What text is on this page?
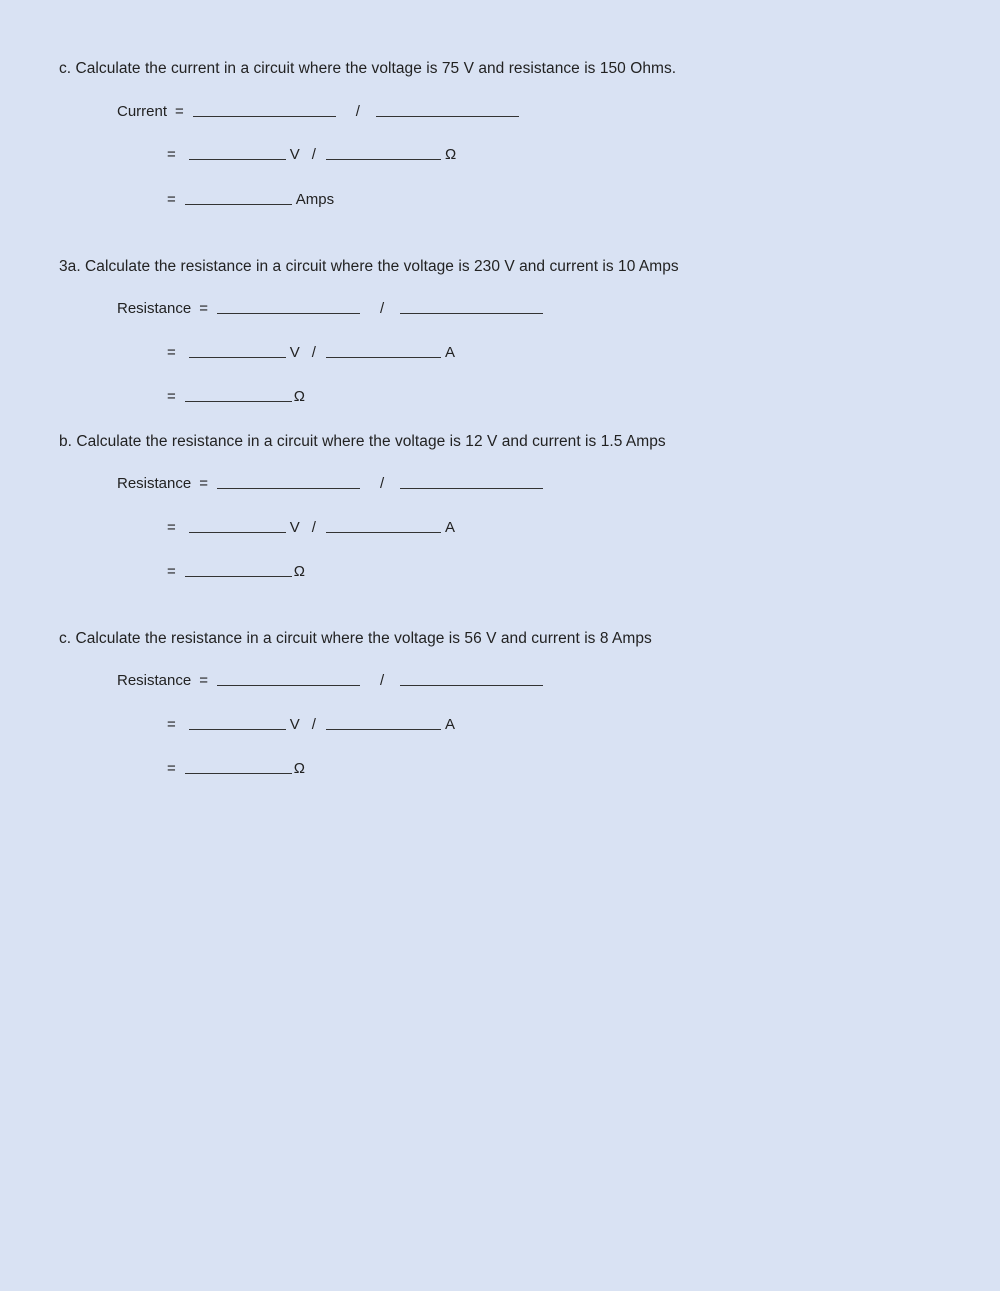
c. Calculate the current in a circuit where the voltage is 75 V and resistance is 150 Ohms.
Current =	/
=	V /	Ω
=	Amps
3a. Calculate the resistance in a circuit where the voltage is 230 V and current is 10 Amps
Resistance =	/
=	V /	A
=	Ω
b. Calculate the resistance in a circuit where the voltage is 12 V and current is 1.5 Amps
Resistance =	/
=	V /	A
=	Ω
c. Calculate the resistance in a circuit where the voltage is 56 V and current is 8 Amps
Resistance =	/
=	V /	A
=	Ω
